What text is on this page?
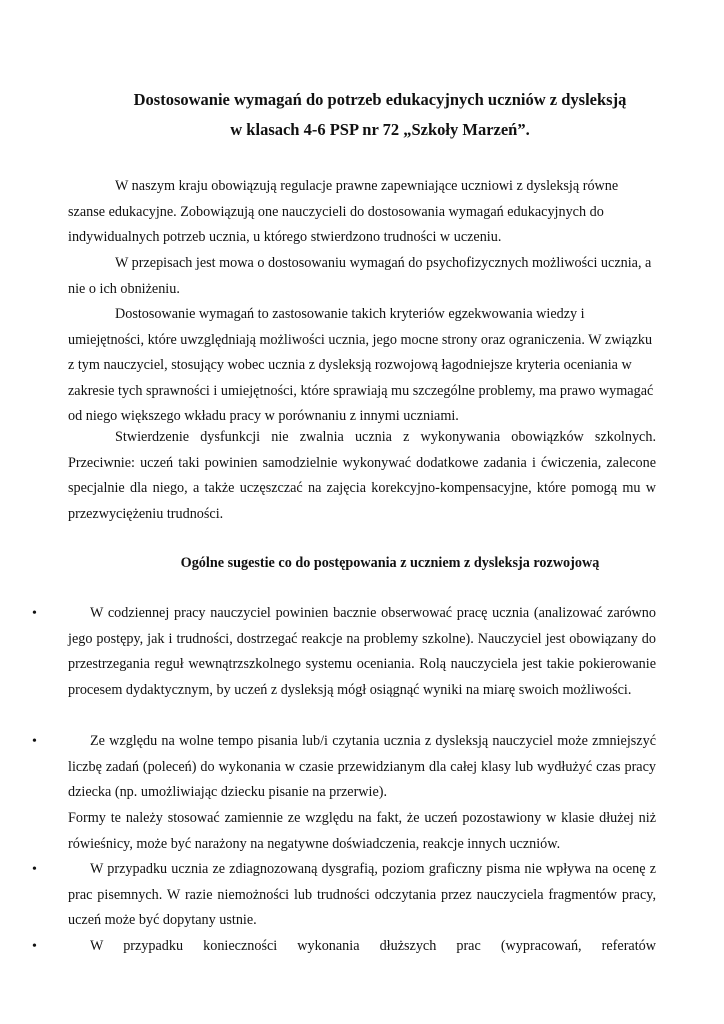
Dostosowanie wymagań do potrzeb edukacyjnych uczniów z dysleksją
w klasach 4-6 PSP nr 72 „Szkoły Marzeń”.

W naszym kraju obowiązują regulacje prawne zapewniające uczniowi z dysleksją równe szanse edukacyjne. Zobowiązują one nauczycieli do dostosowania wymagań edukacyjnych do indywidualnych potrzeb ucznia, u którego stwierdzono trudności w uczeniu.

W przepisach jest mowa o dostosowaniu wymagań do psychofizycznych możliwości ucznia, a nie o ich obniżeniu.

Dostosowanie wymagań to zastosowanie takich kryteriów egzekwowania wiedzy i umiejętności, które uwzględniają możliwości ucznia, jego mocne strony oraz ograniczenia. W związku z tym nauczyciel, stosujący wobec ucznia z dysleksją rozwojową łagodniejsze kryteria oceniania w zakresie tych sprawności i umiejętności, które sprawiają mu szczególne problemy, ma prawo wymagać od niego większego wkładu pracy w porównaniu z innymi uczniami.

Stwierdzenie dysfunkcji nie zwalnia ucznia z wykonywania obowiązków szkolnych. Przeciwnie: uczeń taki powinien samodzielnie wykonywać dodatkowe zadania i ćwiczenia, zalecone specjalnie dla niego, a także uczęszczać na zajęcia korekcyjno-kompensacyjne, które pomogą mu w przezwyciężeniu trudności.

Ogólne sugestie co do postępowania z uczniem z dysleksja rozwojową
•	W codziennej pracy nauczyciel powinien bacznie obserwować pracę ucznia (analizować zarówno jego postępy, jak i trudności, dostrzegać reakcje na problemy szkolne). Nauczyciel jest obowiązany do przestrzegania reguł wewnątrzszkolnego systemu oceniania. Rolą nauczyciela jest takie pokierowanie procesem dydaktycznym, by uczeń z dysleksją mógł osiągnąć wyniki na miarę swoich możliwości.

•	Ze względu na wolne tempo pisania lub/i czytania ucznia z dysleksją nauczyciel może zmniejszyć liczbę zadań (poleceń) do wykonania w czasie przewidzianym dla całej klasy lub wydłużyć czas pracy dziecka (np. umożliwiając dziecku pisanie na przerwie).

Formy te należy stosować zamiennie ze względu na fakt, że uczeń pozostawiony w klasie dłużej niż rówieśnicy, może być narażony na negatywne doświadczenia, reakcje innych uczniów.

•	W przypadku ucznia ze zdiagnozowaną dysgrafią, poziom graficzny pisma nie wpływa na ocenę z prac pisemnych. W razie niemożności lub trudności odczytania przez nauczyciela fragmentów pracy, uczeń może być dopytany ustnie.

•	W przypadku konieczności wykonania dłuższych prac (wypracowań, referatów
